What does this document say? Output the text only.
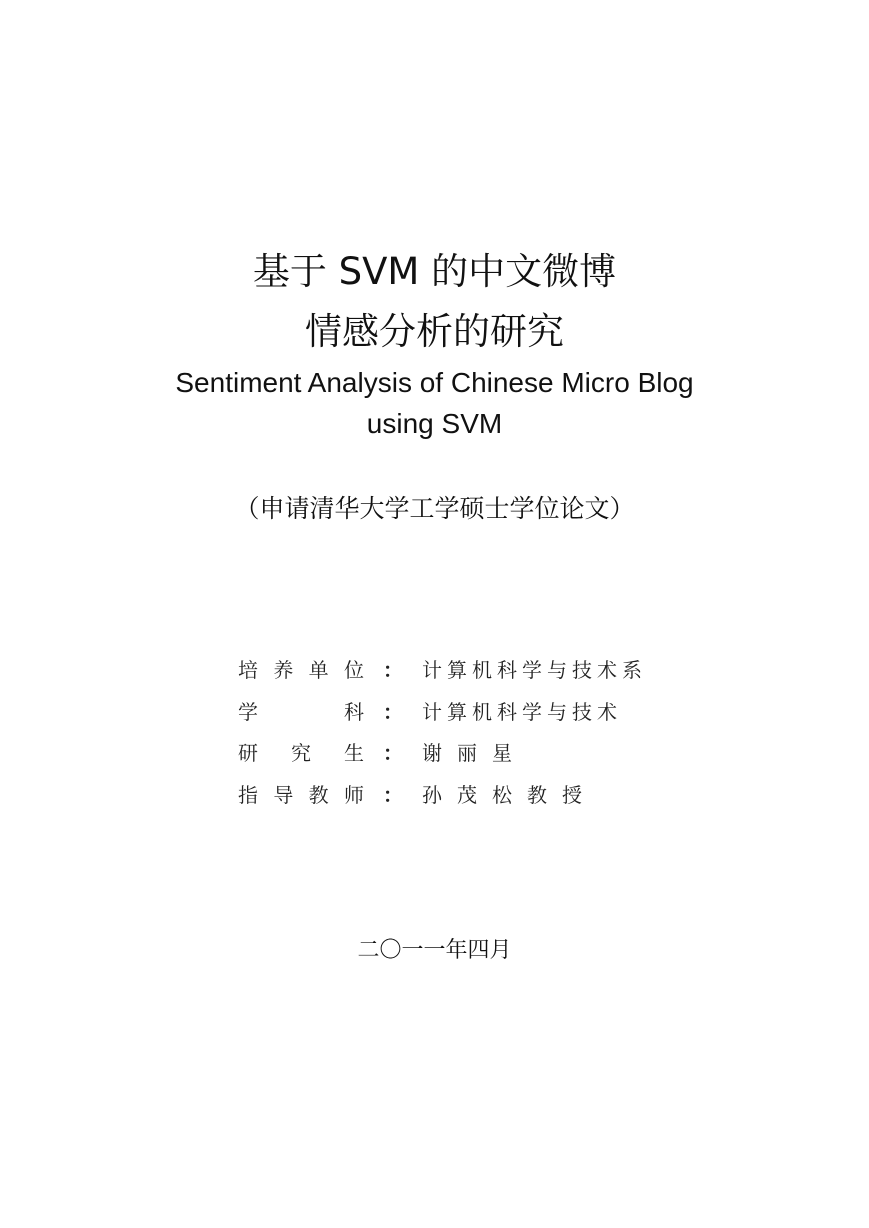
基于 SVM 的中文微博
情感分析的研究
Sentiment Analysis of Chinese Micro Blog
using SVM
（申请清华大学工学硕士学位论文）
培 养 单 位 ： 计算机科学与技术系
学	科 ： 计算机科学与技术
研 究 生 ： 谢丽星
指 导 教 师 ： 孙茂松教授
二〇一一年四月
